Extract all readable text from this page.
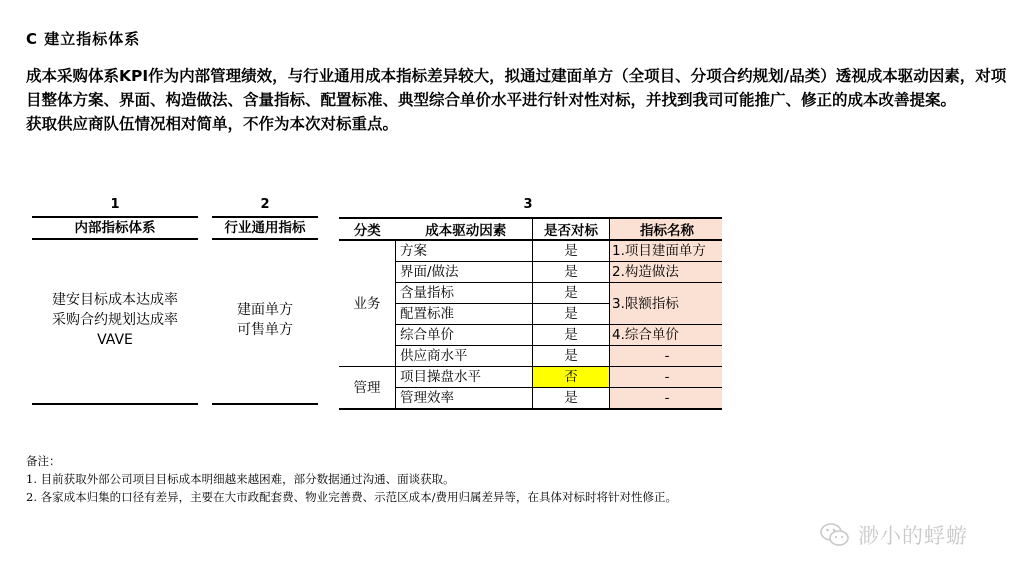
C 建立指标体系

成本采购体系KPI作为内部管理绩效，与行业通用成本指标差异较大，拟通过建面单方（全项目、分项合约规划/品类）透视成本驱动因素，对项目整体方案、界面、构造做法、含量指标、配置标准、典型综合单价水平进行针对性对标，并找到我司可能推广、修正的成本改善提案。

获取供应商队伍情况相对简单，不作为本次对标重点。

1
内部指标体系
建安目标成本达成率
采购合约规划达成率
VAVE
2
行业通用指标
建面单方
可售单方
3
分类	成本驱动因素	是否对标	指标名称
业务	方案	是	1.项目建面单方
	界面/做法	是	2.构造做法
	含量指标	是	3.限额指标
	配置标准	是	
	综合单价	是	4.综合单价
	供应商水平	是	-
管理	项目操盘水平	否	-
	管理效率	是	-

备注：

1. 目前获取外部公司项目目标成本明细越来越困难，部分数据通过沟通、面谈获取。

2. 各家成本归集的口径有差异，主要在大市政配套费、物业完善费、示范区成本/费用归属差异等，在具体对标时将针对性修正。

渺小的蜉蝣
